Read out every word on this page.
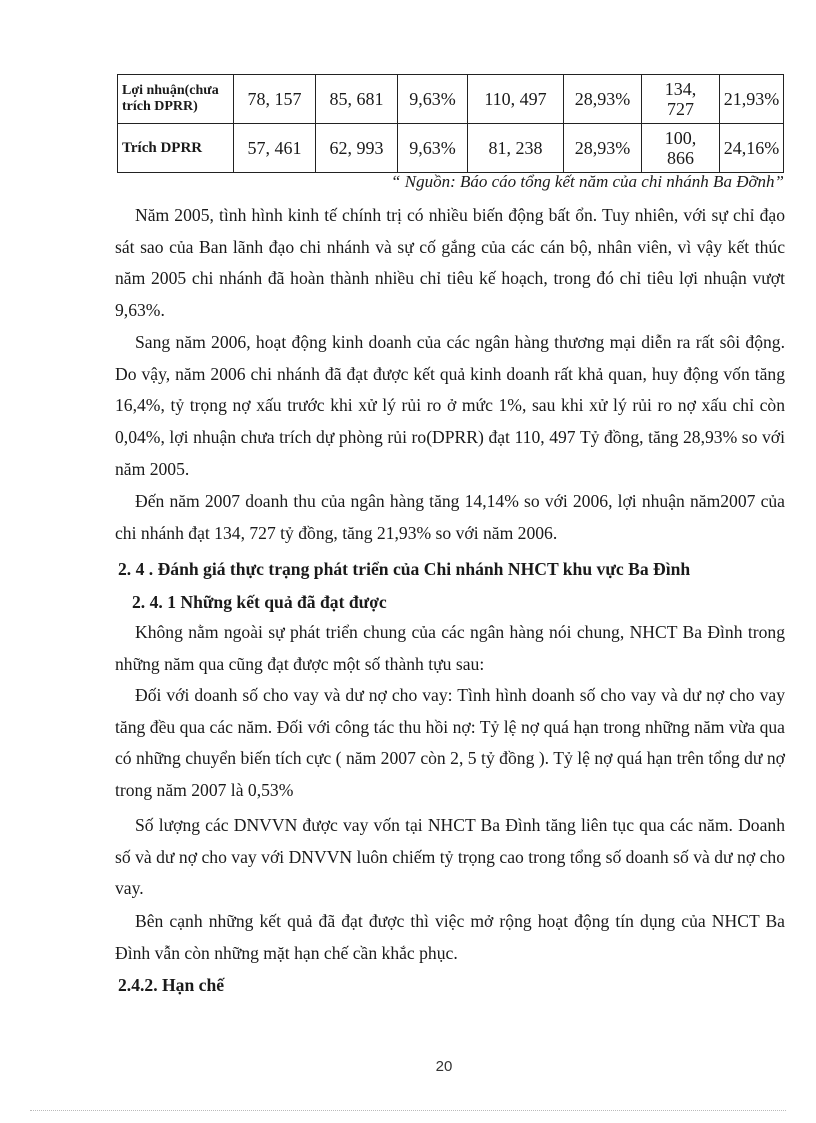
Lợi nhuận(chưa trích DPRR)	78, 157	85, 681	9,63%	110, 497	28,93%	134, 727	21,93%
Trích DPRR	57, 461	62, 993	9,63%	81, 238	28,93%	100, 866	24,16%
“ Nguồn: Báo cáo tổng kết năm của chi nhánh Ba Đỡnh”

Năm 2005, tình hình kinh tế chính trị có nhiều biến động bất ổn. Tuy nhiên, với sự chỉ đạo sát sao của Ban lãnh đạo chi nhánh và sự cố gắng của các cán bộ, nhân viên, vì vậy kết thúc năm 2005 chi nhánh đã hoàn thành nhiều chỉ tiêu kế hoạch, trong đó chỉ tiêu lợi nhuận vượt 9,63%.

Sang năm 2006, hoạt động kinh doanh của các ngân hàng thương mại diễn ra rất sôi động. Do vậy, năm 2006 chi nhánh đã đạt được kết quả kinh doanh rất khả quan, huy động vốn tăng 16,4%, tỷ trọng nợ xấu trước khi xử lý rủi ro ở mức 1%, sau khi xử lý rủi ro nợ xấu chỉ còn 0,04%, lợi nhuận chưa trích dự phòng rủi ro(DPRR) đạt 110, 497 Tỷ đồng, tăng 28,93% so với năm 2005.

Đến năm 2007 doanh thu của ngân hàng tăng 14,14% so với 2006, lợi nhuận năm2007 của chi nhánh đạt 134, 727 tỷ đồng, tăng 21,93% so với năm 2006.

2. 4 . Đánh giá thực trạng phát triển của Chi nhánh NHCT khu vực Ba Đình

2. 4. 1 Những kết quả đã đạt được

Không nằm ngoài sự phát triển chung của các ngân hàng nói chung, NHCT Ba Đình trong những năm qua cũng đạt được một số thành tựu sau:

Đối với doanh số cho vay và dư nợ cho vay: Tình hình doanh số cho vay và dư nợ cho vay tăng đều qua các năm. Đối với công tác thu hồi nợ: Tỷ lệ nợ quá hạn trong những năm vừa qua có những chuyển biến tích cực ( năm 2007 còn 2, 5 tỷ đồng ). Tỷ lệ nợ quá hạn trên tổng dư nợ trong năm 2007 là 0,53%

Số lượng các DNVVN được vay vốn tại NHCT Ba Đình tăng liên tục qua các năm. Doanh số và dư nợ cho vay với DNVVN luôn chiếm tỷ trọng cao trong tổng số doanh số và dư nợ cho vay.

Bên cạnh những kết quả đã đạt được thì việc mở rộng hoạt động tín dụng của NHCT Ba Đình vẫn còn những mặt hạn chế cần khắc phục.

2.4.2. Hạn chế

20
